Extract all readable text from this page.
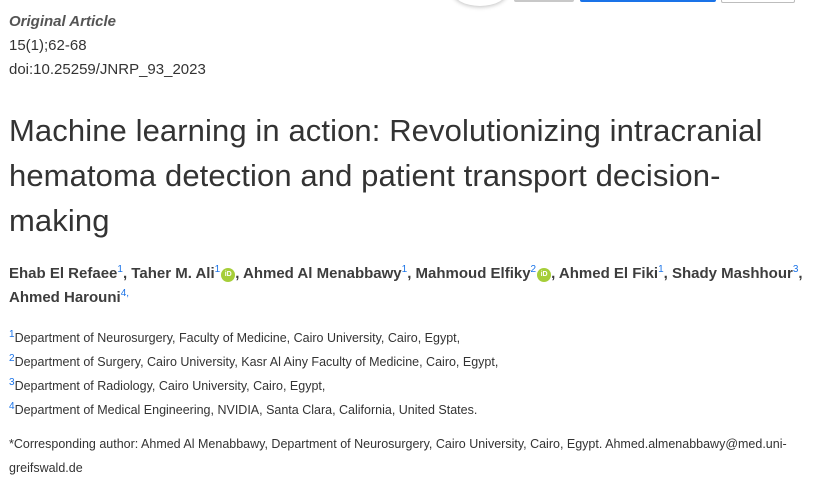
Original Article
15(1);62-68
doi:10.25259/JNRP_93_2023
Machine learning in action: Revolutionizing intracranial hematoma detection and patient transport decision-making
Ehab El Refaee$^1$, Taher M. Ali$^1$ iD , Ahmed Al Menabbawy$^1$, Mahmoud Elfiky$^2$ iD , Ahmed El Fiki$^1$, Shady Mashhour$^3$, Ahmed Harouni$^{4,}$
$^1$Department of Neurosurgery, Faculty of Medicine, Cairo University, Cairo, Egypt,
$^2$Department of Surgery, Cairo University, Kasr Al Ainy Faculty of Medicine, Cairo, Egypt,
$^3$Department of Radiology, Cairo University, Cairo, Egypt,
$^4$Department of Medical Engineering, NVIDIA, Santa Clara, California, United States.
*Corresponding author: Ahmed Al Menabbawy, Department of Neurosurgery, Cairo University, Cairo, Egypt. Ahmed.almenabbawy@med.uni-greifswald.de
